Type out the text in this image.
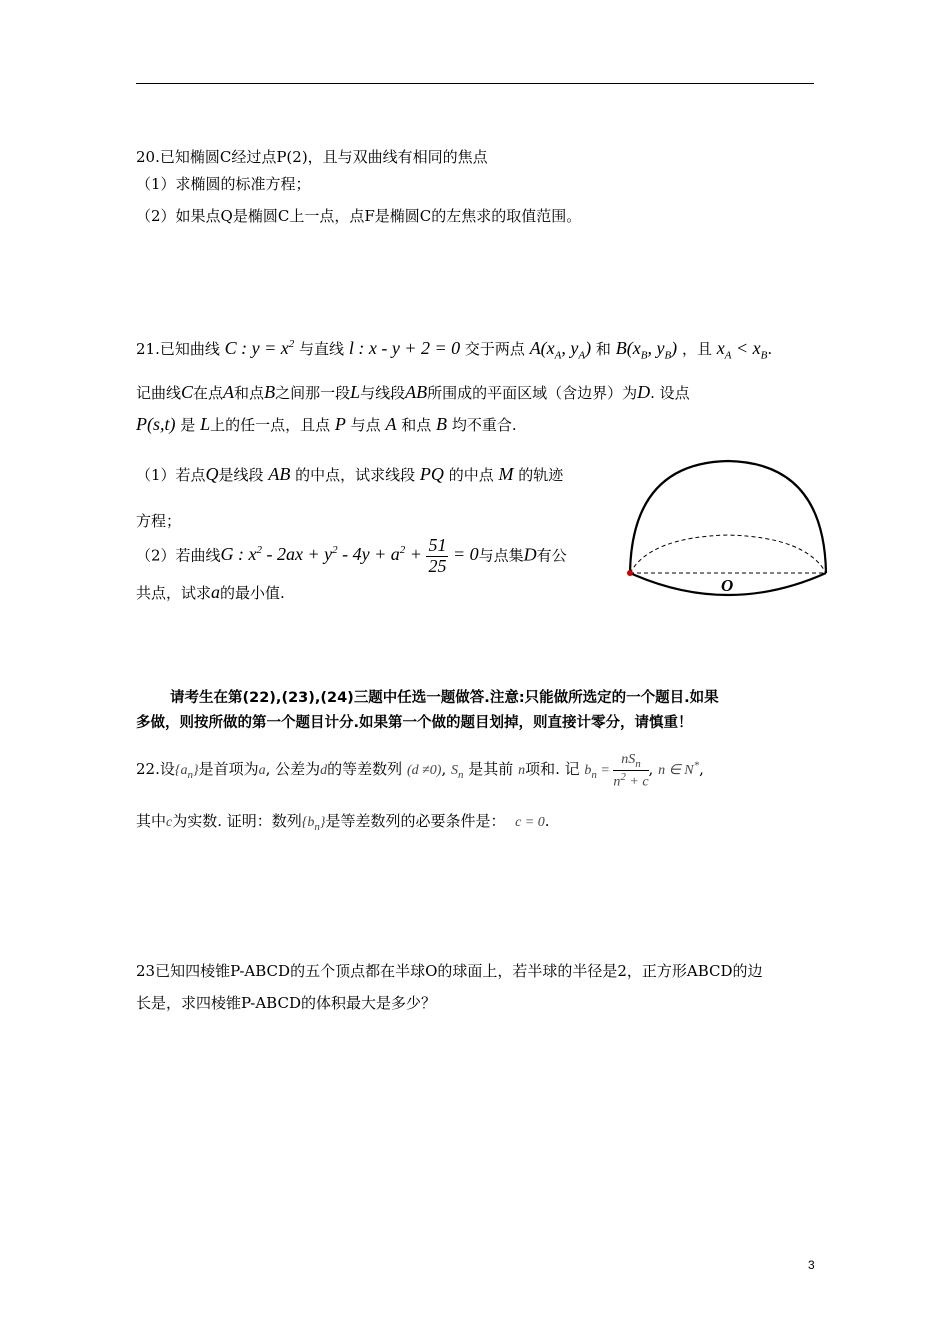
20.已知椭圆C经过点P(2)，且与双曲线有相同的焦点
（1）求椭圆的标准方程；
（2）如果点Q是椭圆C上一点，点F是椭圆C的左焦求的取值范围。
21.已知曲线 C : $y = x^2$ 与直线 l : x - y + 2 = 0 交于两点 $A(x_A$, $y_A$) 和 $B(x_B$, $y_B$) ，且 $x_A < x_B$.
记曲线C在点A和点B之间那一段L与线段AB所围成的平面区域（含边界）为D. 设点
P(s,t) 是 L上的任一点，且点 P 与点 A 和点 B 均不重合.
（1）若点Q是线段 AB 的中点，试求线段 PQ 的中点 M 的轨迹
方程；
（2）若曲线G : $x^2 - 2ax + y^2 - 4y + a^2 + \frac{51}{25} = 0$与点集D有公
共点，试求a的最小值.	O
请考生在第(22),(23),(24)三题中任选一题做答.注意:只能做所选定的一个题目.如果
多做，则按所做的第一个题目计分.如果第一个做的题目划掉，则直接计零分，请慎重！
22.设$\{a_n\}$是首项为a, 公差为d的等差数列 (d ≠0), $S_n$ 是其前 n项和. 记 $b_n = \frac{nS_n}{n^2 + c}$ , n ∈ N*,
其中c为实数. 证明：数列$\{b_n\}$是等差数列的必要条件是： c = 0.
23已知四棱锥P-ABCD的五个顶点都在半球O的球面上，若半球的半径是2，正方形ABCD的边
长是，求四棱锥P-ABCD的体积最大是多少？
3
